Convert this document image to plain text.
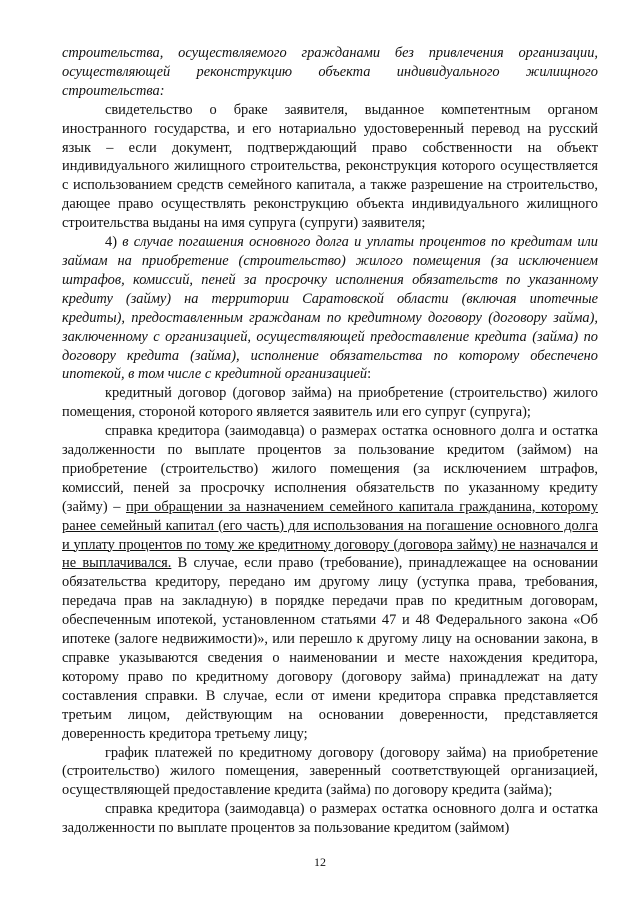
строительства, осуществляемого гражданами без привлечения организации, осуществляющей реконструкцию объекта индивидуального жилищного строительства:

свидетельство о браке заявителя, выданное компетентным органом иностранного государства, и его нотариально удостоверенный перевод на русский язык – если документ, подтверждающий право собственности на объект индивидуального жилищного строительства, реконструкция которого осуществляется с использованием средств семейного капитала, а также разрешение на строительство, дающее право осуществлять реконструкцию объекта индивидуального жилищного строительства выданы на имя супруга (супруги) заявителя;

4) в случае погашения основного долга и уплаты процентов по кредитам или займам на приобретение (строительство) жилого помещения (за исключением штрафов, комиссий, пеней за просрочку исполнения обязательств по указанному кредиту (займу) на территории Саратовской области (включая ипотечные кредиты), предоставленным гражданам по кредитному договору (договору займа), заключенному с организацией, осуществляющей предоставление кредита (займа) по договору кредита (займа), исполнение обязательства по которому обеспечено ипотекой, в том числе с кредитной организацией:

кредитный договор (договор займа) на приобретение (строительство) жилого помещения, стороной которого является заявитель или его супруг (супруга);

справка кредитора (заимодавца) о размерах остатка основного долга и остатка задолженности по выплате процентов за пользование кредитом (займом) на приобретение (строительство) жилого помещения (за исключением штрафов, комиссий, пеней за просрочку исполнения обязательств по указанному кредиту (займу) – при обращении за назначением семейного капитала гражданина, которому ранее семейный капитал (его часть) для использования на погашение основного долга и уплату процентов по тому же кредитному договору (договора займу) не назначался и не выплачивался. В случае, если право (требование), принадлежащее на основании обязательства кредитору, передано им другому лицу (уступка права, требования, передача прав на закладную) в порядке передачи прав по кредитным договорам, обеспеченным ипотекой, установленном статьями 47 и 48 Федерального закона «Об ипотеке (залоге недвижимости)», или перешло к другому лицу на основании закона, в справке указываются сведения о наименовании и месте нахождения кредитора, которому право по кредитному договору (договору займа) принадлежат на дату составления справки. В случае, если от имени кредитора справка представляется третьим лицом, действующим на основании доверенности, представляется доверенность кредитора третьему лицу;

график платежей по кредитному договору (договору займа) на приобретение (строительство) жилого помещения, заверенный соответствующей организацией, осуществляющей предоставление кредита (займа) по договору кредита (займа);

справка кредитора (заимодавца) о размерах остатка основного долга и остатка задолженности по выплате процентов за пользование кредитом (займом)

12
